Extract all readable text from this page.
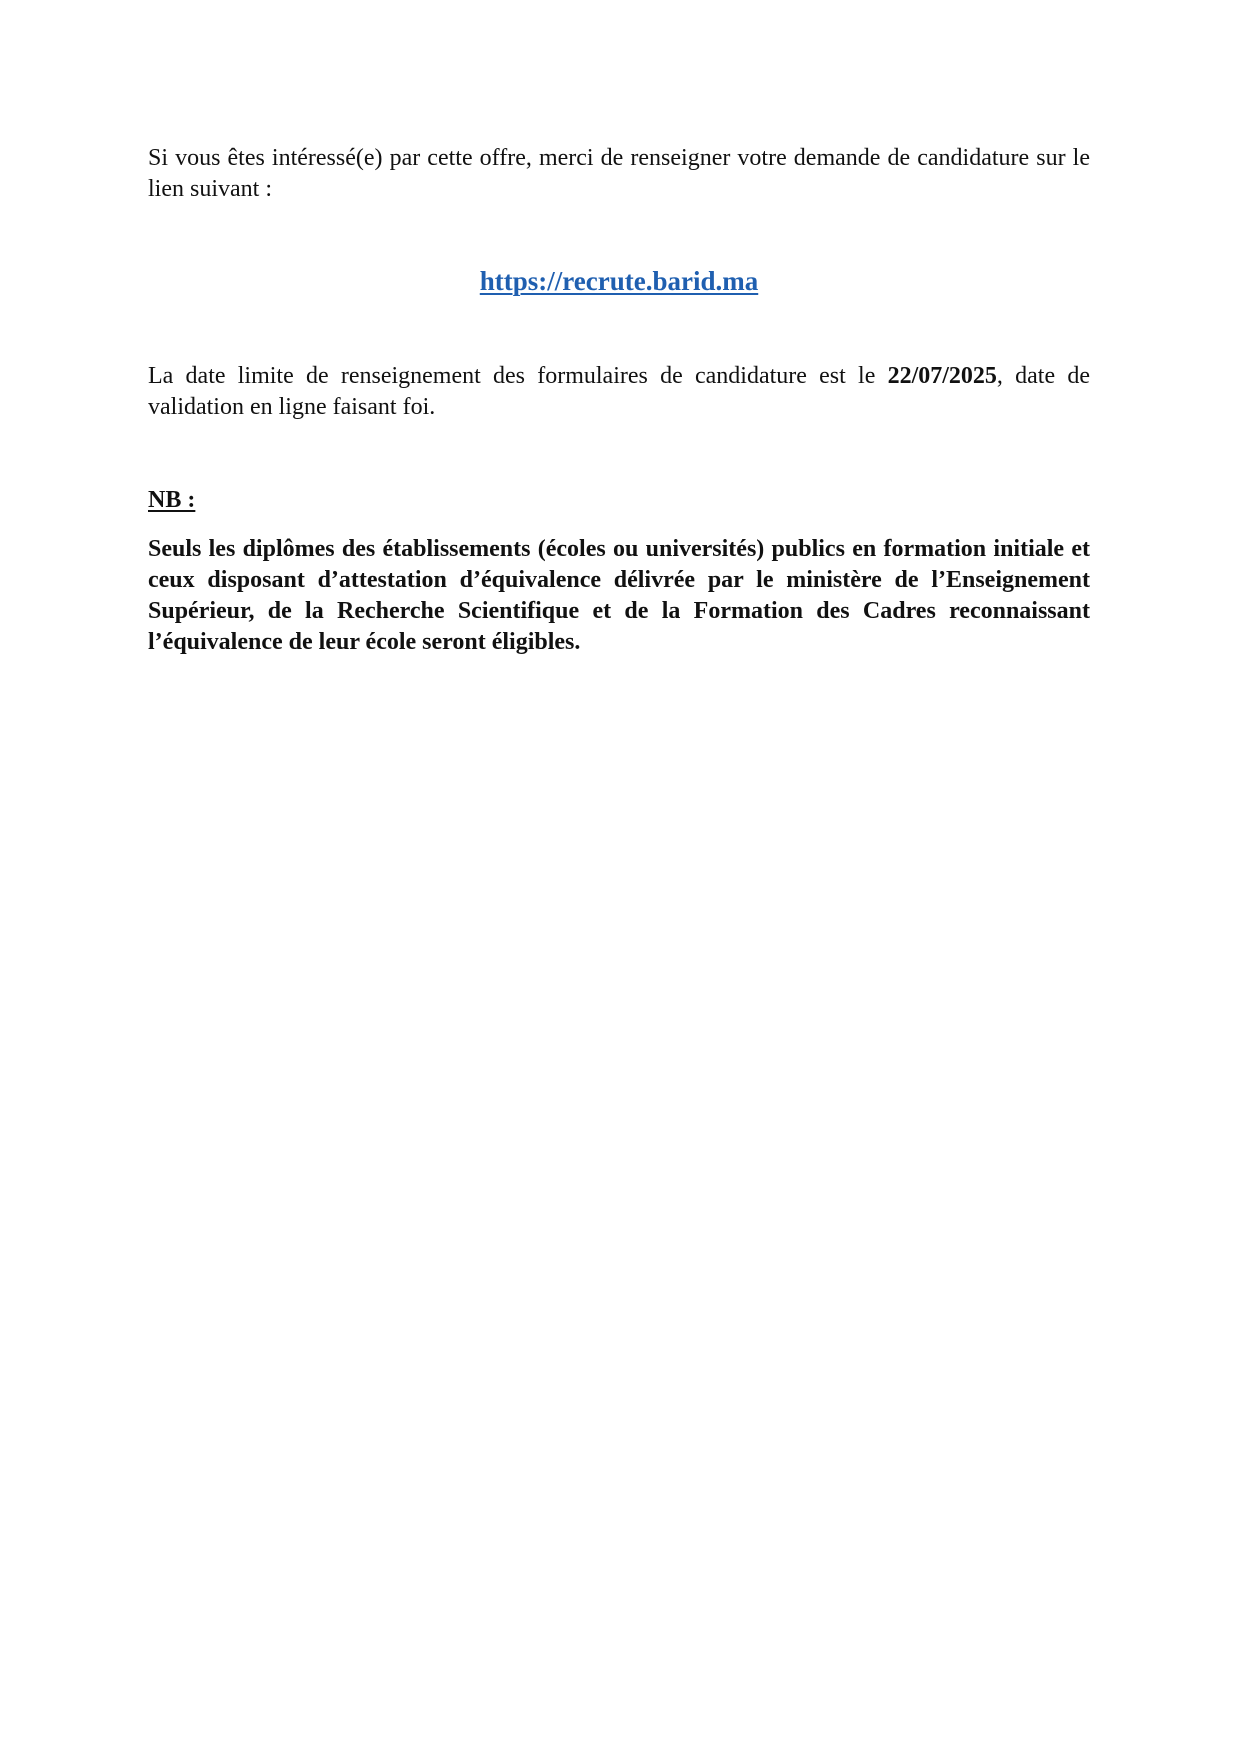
Si vous êtes intéressé(e) par cette offre, merci de renseigner votre demande de candidature sur le lien suivant :

https://recrute.barid.ma

La date limite de renseignement des formulaires de candidature est le 22/07/2025, date de validation en ligne faisant foi.

NB :

Seuls les diplômes des établissements (écoles ou universités) publics en formation initiale et ceux disposant d’attestation d’équivalence délivrée par le ministère de l’Enseignement Supérieur, de la Recherche Scientifique et de la Formation des Cadres reconnaissant l’équivalence de leur école seront éligibles.
